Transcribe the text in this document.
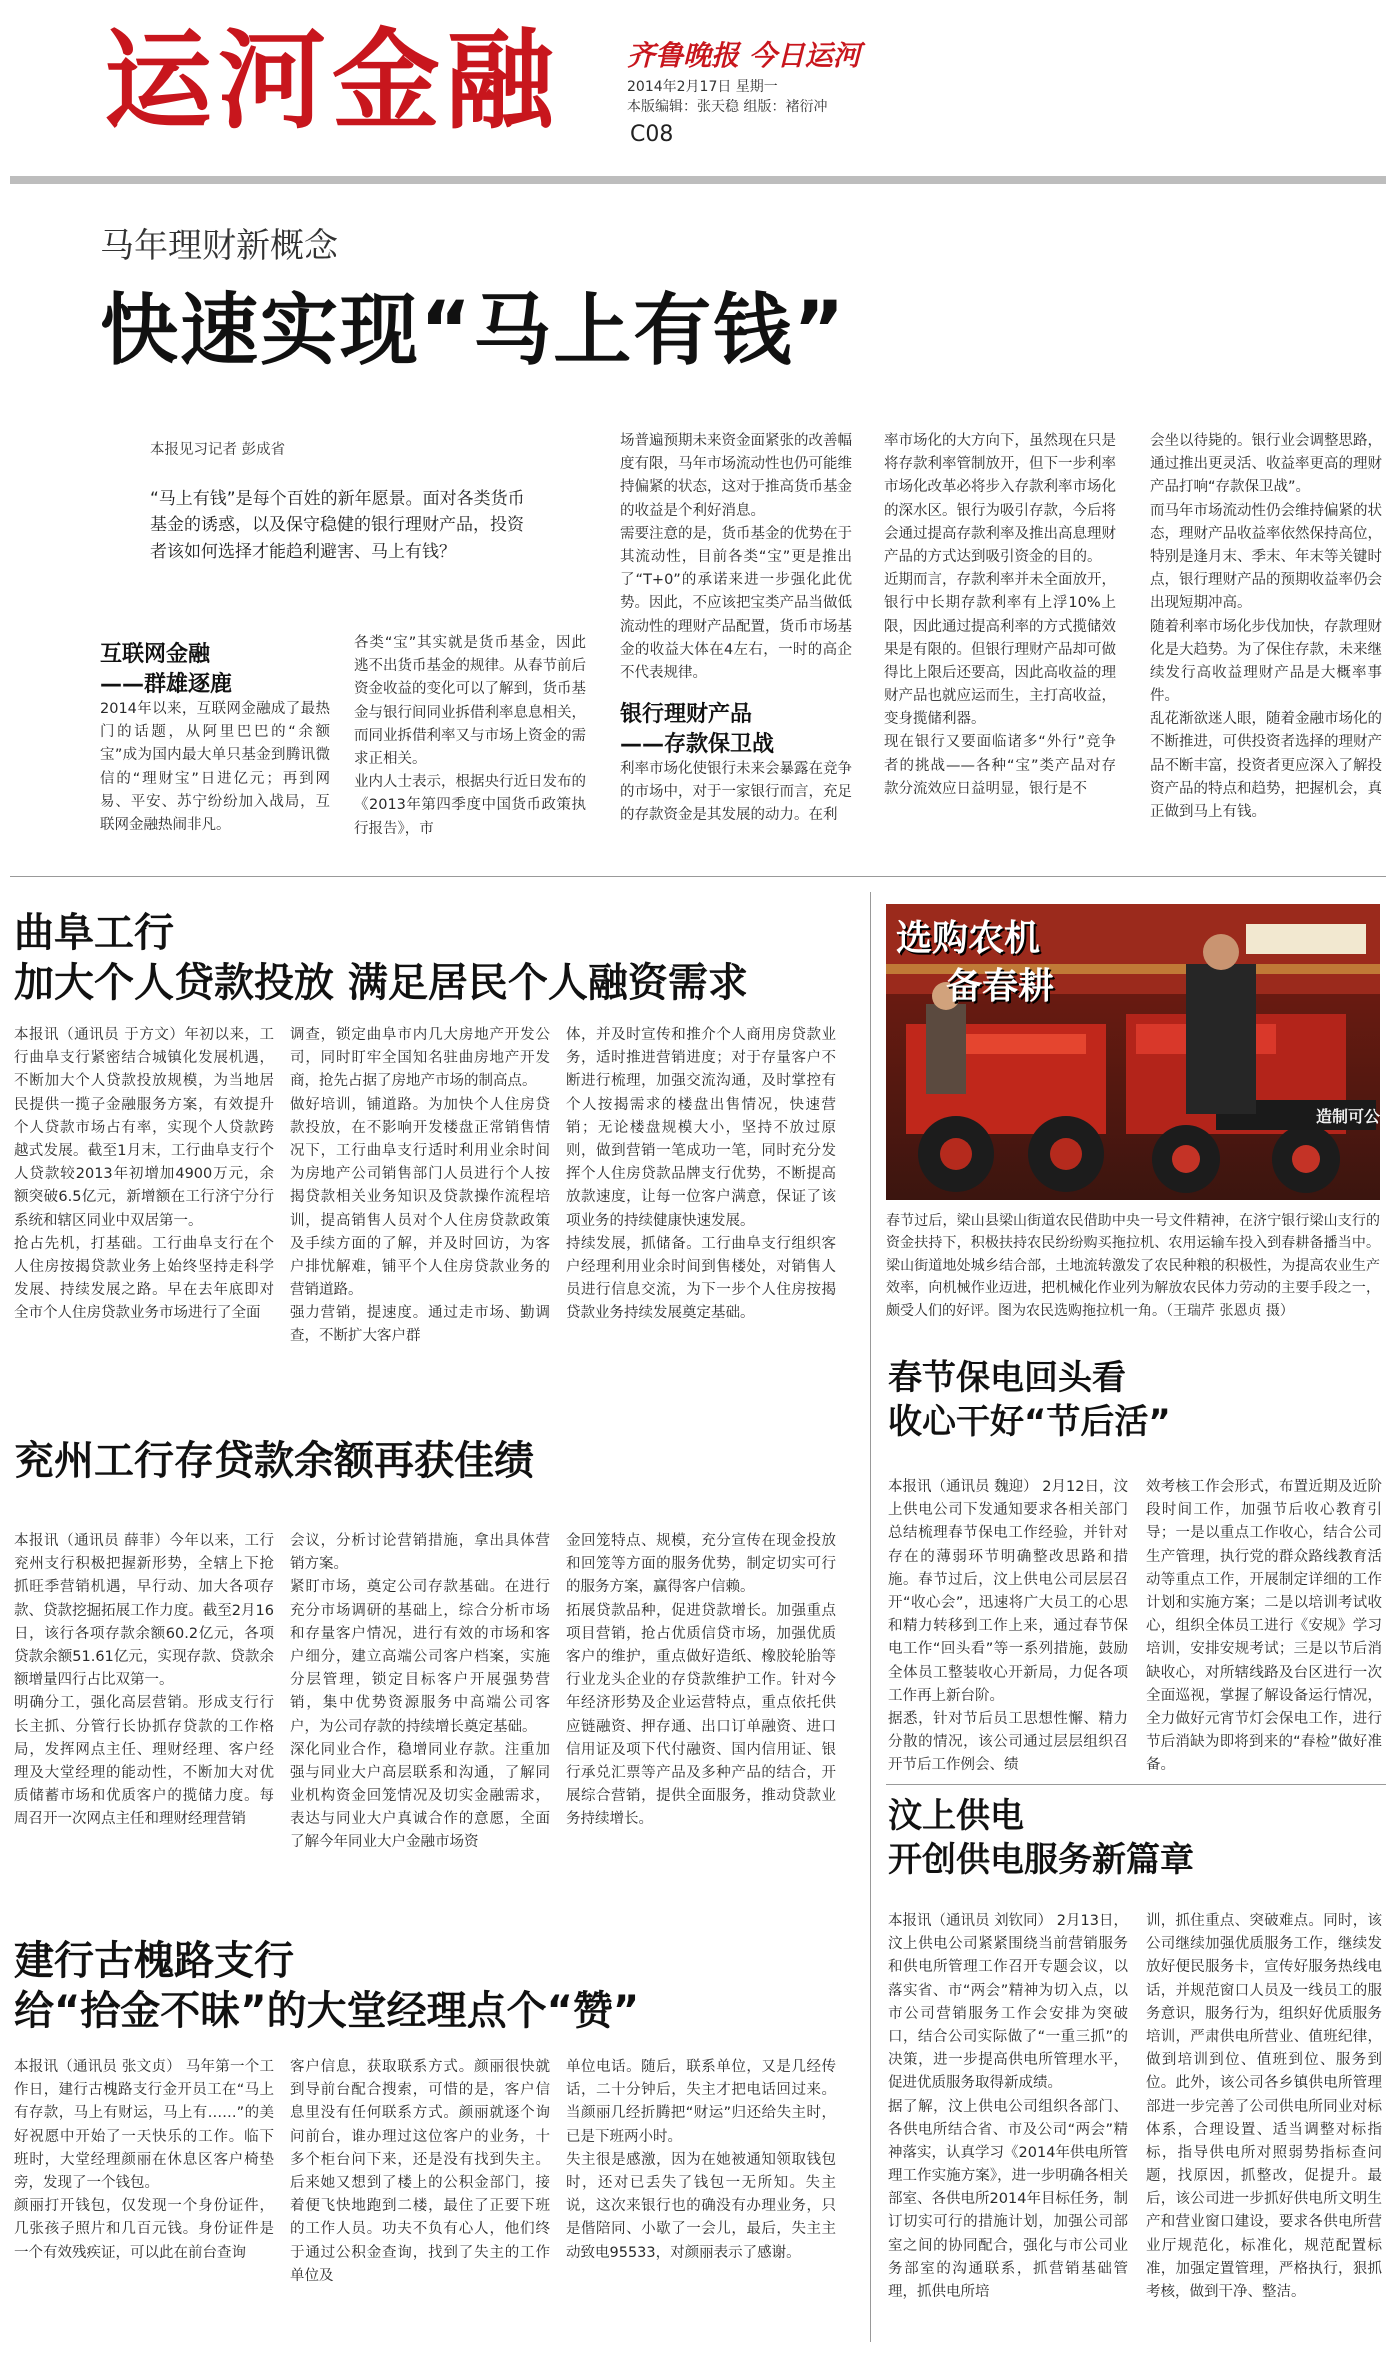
运河金融 齐鲁晚报 今日运河
2014年2月17日 星期一
本版编辑：张天稳 组版：褚衍冲
C08
马年理财新概念
快速实现“马上有钱”
本报见习记者 彭成省
“马上有钱”是每个百姓的新年愿景。面对各类货币基金的诱惑，以及保守稳健的银行理财产品，投资者该如何选择才能趋利避害、马上有钱？
互联网金融
——群雄逐鹿
2014年以来，互联网金融成了最热门的话题，从阿里巴巴的“余额宝”成为国内最大单只基金到腾讯微信的“理财宝”日进亿元；再到网易、平安、苏宁纷纷加入战局，互联网金融热闹非凡。
各类“宝”其实就是货币基金，因此逃不出货币基金的规律。从春节前后资金收益的变化可以了解到，货币基金与银行间同业拆借利率息息相关，而同业拆借利率又与市场上资金的需求正相关。
业内人士表示，根据央行近日发布的《2013年第四季度中国货币政策执行报告》，市
场普遍预期未来资金面紧张的改善幅度有限，马年市场流动性也仍可能维持偏紧的状态，这对于推高货币基金的收益是个利好消息。
需要注意的是，货币基金的优势在于其流动性，目前各类“宝”更是推出了“T+0”的承诺来进一步强化此优势。因此，不应该把宝类产品当做低流动性的理财产品配置，货币市场基金的收益大体在4左右，一时的高企不代表规律。
银行理财产品
——存款保卫战
利率市场化使银行未来会暴露在竞争的市场中，对于一家银行而言，充足的存款资金是其发展的动力。在利
率市场化的大方向下，虽然现在只是将存款利率管制放开，但下一步利率市场化改革必将步入存款利率市场化的深水区。银行为吸引存款，今后将会通过提高存款利率及推出高息理财产品的方式达到吸引资金的目的。
近期而言，存款利率并未全面放开，银行中长期存款利率有上浮10%上限，因此通过提高利率的方式揽储效果是有限的。但银行理财产品却可做得比上限后还要高，因此高收益的理财产品也就应运而生，主打高收益，变身揽储利器。
现在银行又要面临诸多“外行”竞争者的挑战——各种“宝”类产品对存款分流效应日益明显，银行是不
会坐以待毙的。银行业会调整思路，通过推出更灵活、收益率更高的理财产品打响“存款保卫战”。
而马年市场流动性仍会维持偏紧的状态，理财产品收益率依然保持高位，特别是逢月末、季末、年末等关键时点，银行理财产品的预期收益率仍会出现短期冲高。
随着利率市场化步伐加快，存款理财化是大趋势。为了保住存款，未来继续发行高收益理财产品是大概率事件。
乱花渐欲迷人眼，随着金融市场化的不断推进，可供投资者选择的理财产品不断丰富，投资者更应深入了解投资产品的特点和趋势，把握机会，真正做到马上有钱。
曲阜工行
加大个人贷款投放 满足居民个人融资需求
本报讯（通讯员 于方文）年初以来，工行曲阜支行紧密结合城镇化发展机遇，不断加大个人贷款投放规模，为当地居民提供一揽子金融服务方案，有效提升个人贷款市场占有率，实现个人贷款跨越式发展。截至1月末，工行曲阜支行个人贷款较2013年初增加4900万元，余额突破6.5亿元，新增额在工行济宁分行系统和辖区同业中双居第一。
抢占先机，打基础。工行曲阜支行在个人住房按揭贷款业务上始终坚持走科学发展、持续发展之路。早在去年底即对全市个人住房贷款业务市场进行了全面
调查，锁定曲阜市内几大房地产开发公司，同时盯牢全国知名驻曲房地产开发商，抢先占据了房地产市场的制高点。
做好培训，铺道路。为加快个人住房贷款投放，在不影响开发楼盘正常销售情况下，工行曲阜支行适时利用业余时间为房地产公司销售部门人员进行个人按揭贷款相关业务知识及贷款操作流程培训，提高销售人员对个人住房贷款政策及手续方面的了解，并及时回访，为客户排忧解难，铺平个人住房贷款业务的营销道路。
强力营销，提速度。通过走市场、勤调查，不断扩大客户群
体，并及时宣传和推介个人商用房贷款业务，适时推进营销进度；对于存量客户不断进行梳理，加强交流沟通，及时掌控有个人按揭需求的楼盘出售情况，快速营销；无论楼盘规模大小，坚持不放过原则，做到营销一笔成功一笔，同时充分发挥个人住房贷款品牌支行优势，不断提高放款速度，让每一位客户满意，保证了该项业务的持续健康快速发展。
持续发展，抓储备。工行曲阜支行组织客户经理利用业余时间到售楼处，对销售人员进行信息交流，为下一步个人住房按揭贷款业务持续发展奠定基础。
兖州工行存贷款余额再获佳绩
本报讯（通讯员 薛菲）今年以来，工行兖州支行积极把握新形势，全辖上下抢抓旺季营销机遇，早行动、加大各项存款、贷款挖掘拓展工作力度。截至2月16日，该行各项存款余额60.2亿元，各项贷款余额51.61亿元，实现存款、贷款余额增量四行占比双第一。
明确分工，强化高层营销。形成支行行长主抓、分管行长协抓存贷款的工作格局，发挥网点主任、理财经理、客户经理及大堂经理的能动性，不断加大对优质储蓄市场和优质客户的揽储力度。每周召开一次网点主任和理财经理营销
会议，分析讨论营销措施，拿出具体营销方案。
紧盯市场，奠定公司存款基础。在进行充分市场调研的基础上，综合分析市场和存量客户情况，进行有效的市场和客户细分，建立高端公司客户档案，实施分层管理，锁定目标客户开展强势营销，集中优势资源服务中高端公司客户，为公司存款的持续增长奠定基础。
深化同业合作，稳增同业存款。注重加强与同业大户高层联系和沟通，了解同业机构资金回笼情况及切实金融需求，表达与同业大户真诚合作的意愿，全面了解今年同业大户金融市场资
金回笼特点、规模，充分宣传在现金投放和回笼等方面的服务优势，制定切实可行的服务方案，赢得客户信赖。
拓展贷款品种，促进贷款增长。加强重点项目营销，抢占优质信贷市场，加强优质客户的维护，重点做好造纸、橡胶轮胎等行业龙头企业的存贷款维护工作。针对今年经济形势及企业运营特点，重点依托供应链融资、押存通、出口订单融资、进口信用证及项下代付融资、国内信用证、银行承兑汇票等产品及多种产品的结合，开展综合营销，提供全面服务，推动贷款业务持续增长。
建行古槐路支行
给“拾金不昧”的大堂经理点个“赞”
本报讯（通讯员 张文贞） 马年第一个工作日，建行古槐路支行金开员工在“马上有存款，马上有财运，马上有……”的美好祝愿中开始了一天快乐的工作。临下班时，大堂经理颜丽在休息区客户椅垫旁，发现了一个钱包。
颜丽打开钱包，仅发现一个身份证件，几张孩子照片和几百元钱。身份证件是一个有效残疾证，可以此在前台查询
客户信息，获取联系方式。颜丽很快就到导前台配合搜索，可惜的是，客户信息里没有任何联系方式。颜丽就逐个询问前台，谁办理过这位客户的业务，十多个柜台问下来，还是没有找到失主。后来她又想到了楼上的公积金部门，接着便飞快地跑到二楼，最住了正要下班的工作人员。功夫不负有心人，他们终于通过公积金查询，找到了失主的工作单位及
单位电话。随后，联系单位，又是几经传话，二十分钟后，失主才把电话回过来。当颜丽几经折腾把“财运”归还给失主时，已是下班两小时。
失主很是感激，因为在她被通知领取钱包时，还对已丢失了钱包一无所知。失主说，这次来银行也的确没有办理业务，只是偕陪同、小歇了一会儿，最后，失主主动致电95533，对颜丽表示了感谢。
造制可公
选购农机
备春耕
春节过后，梁山县梁山街道农民借助中央一号文件精神，在济宁银行梁山支行的资金扶持下，积极扶持农民纷纷购买拖拉机、农用运输车投入到春耕备播当中。梁山街道地处城乡结合部，土地流转激发了农民种粮的积极性，为提高农业生产效率，向机械作业迈进，把机械化作业列为解放农民体力劳动的主要手段之一，颇受人们的好评。图为农民选购拖拉机一角。（王瑞芹 张恩贞 摄）
春节保电回头看
收心干好“节后活”
本报讯（通讯员 魏迎） 2月12日，汶上供电公司下发通知要求各相关部门总结梳理春节保电工作经验，并针对存在的薄弱环节明确整改思路和措施。春节过后，汶上供电公司层层召开“收心会”，迅速将广大员工的心思和精力转移到工作上来，通过春节保电工作“回头看”等一系列措施，鼓励全体员工整装收心开新局，力促各项工作再上新台阶。
据悉，针对节后员工思想性懈、精力分散的情况，该公司通过层层组织召开节后工作例会、绩
效考核工作会形式，布置近期及近阶段时间工作，加强节后收心教育引导；一是以重点工作收心，结合公司生产管理，执行党的群众路线教育活动等重点工作，开展制定详细的工作计划和实施方案；二是以培训考试收心，组织全体员工进行《安规》学习培训，安排安规考试；三是以节后消缺收心，对所辖线路及台区进行一次全面巡视，掌握了解设备运行情况，全力做好元宵节灯会保电工作，进行节后消缺为即将到来的“春检”做好准备。
汶上供电
开创供电服务新篇章
本报讯（通讯员 刘钦同） 2月13日，汶上供电公司紧紧围绕当前营销服务和供电所管理工作召开专题会议，以落实省、市“两会”精神为切入点，以市公司营销服务工作会安排为突破口，结合公司实际做了“一重三抓”的决策，进一步提高供电所管理水平，促进优质服务取得新成绩。
据了解，汶上供电公司组织各部门、各供电所结合省、市及公司“两会”精神落实，认真学习《2014年供电所管理工作实施方案》，进一步明确各相关部室、各供电所2014年目标任务，制订切实可行的措施计划，加强公司部室之间的协同配合，强化与市公司业务部室的沟通联系，抓营销基础管理，抓供电所培
训，抓住重点、突破难点。同时，该公司继续加强优质服务工作，继续发放好便民服务卡，宣传好服务热线电话，并规范窗口人员及一线员工的服务意识，服务行为，组织好优质服务培训，严肃供电所营业、值班纪律，做到培训到位、值班到位、服务到位。此外，该公司各乡镇供电所管理部进一步完善了公司供电所同业对标体系，合理设置、适当调整对标指标，指导供电所对照弱势指标查问题，找原因，抓整改，促提升。最后，该公司进一步抓好供电所文明生产和营业窗口建设，要求各供电所营业厅规范化，标准化，规范配置标准，加强定置管理，严格执行，狠抓考核，做到干净、整洁。
